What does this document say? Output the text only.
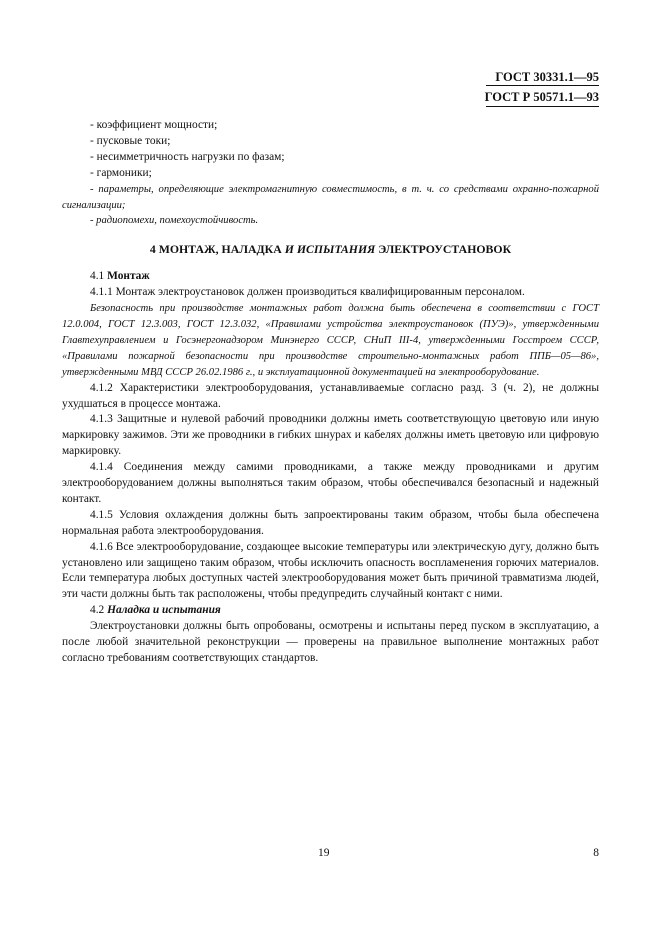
ГОСТ 30331.1—95
ГОСТ Р 50571.1—93

- коэффициент мощности;

- пусковые токи;

- несимметричность нагрузки по фазам;

- гармоники;

- параметры, определяющие электромагнитную совместимость, в т. ч. со средствами охранно-пожарной сигнализации;

- радиопомехи, помехоустойчивость.

4 МОНТАЖ, НАЛАДКА И ИСПЫТАНИЯ ЭЛЕКТРОУСТАНОВОК

4.1 Монтаж

4.1.1 Монтаж электроустановок должен производиться квалифицированным персоналом.

Безопасность при производстве монтажных работ должна быть обеспечена в соответствии с ГОСТ 12.0.004, ГОСТ 12.3.003, ГОСТ 12.3.032, «Правилами устройства электроустановок (ПУЭ)», утвержденными Главтехуправлением и Госэнергонадзором Минэнерго СССР, СНиП III-4, утвержденными Госстроем СССР, «Правилами пожарной безопасности при производстве строительно-монтажных работ ППБ—05—86», утвержденными МВД СССР 26.02.1986 г., и эксплуатационной документацией на электрооборудование.

4.1.2 Характеристики электрооборудования, устанавливаемые согласно разд. 3 (ч. 2), не должны ухудшаться в процессе монтажа.

4.1.3 Защитные и нулевой рабочий проводники должны иметь соответствующую цветовую или иную маркировку зажимов. Эти же проводники в гибких шнурах и кабелях должны иметь цветовую или цифровую маркировку.

4.1.4 Соединения между самими проводниками, а также между проводниками и другим электрооборудованием должны выполняться таким образом, чтобы обеспечивался безопасный и надежный контакт.

4.1.5 Условия охлаждения должны быть запроектированы таким образом, чтобы была обеспечена нормальная работа электрооборудования.

4.1.6 Все электрооборудование, создающее высокие температуры или электрическую дугу, должно быть установлено или защищено таким образом, чтобы исключить опасность воспламенения горючих материалов. Если температура любых доступных частей электрооборудования может быть причиной травматизма людей, эти части должны быть так расположены, чтобы предупредить случайный контакт с ними.

4.2 Наладка и испытания

Электроустановки должны быть опробованы, осмотрены и испытаны перед пуском в эксплуатацию, а после любой значительной реконструкции — проверены на правильное выполнение монтажных работ согласно требованиям соответствующих стандартов.

19	8
